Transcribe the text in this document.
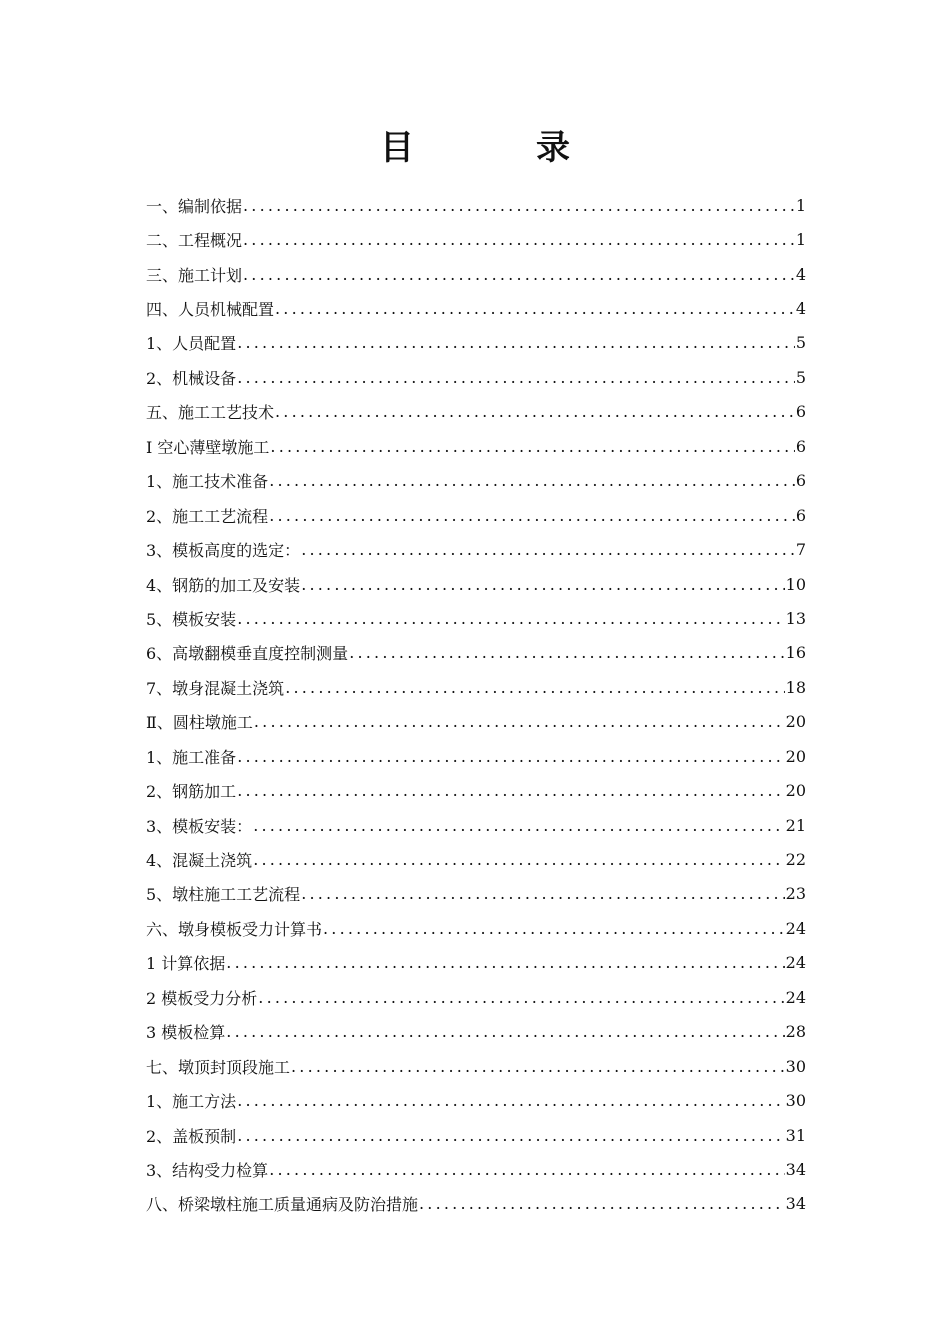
目　录
一、编制依据 .....	1
二、工程概况 .....	1
三、施工计划 .....	4
四、人员机械配置 .....	4
1、人员配置 .....	5
2、机械设备 .....	5
五、施工工艺技术 .....	6
Ⅰ 空心薄壁墩施工 .....	6
1、施工技术准备 .....	6
2、施工工艺流程 .....	6
3、模板高度的选定： .....	7
4、钢筋的加工及安装 .....	10
5、模板安装 .....	13
6、高墩翻模垂直度控制测量 .....	16
7、墩身混凝土浇筑 .....	18
Ⅱ、圆柱墩施工 .....	20
1、施工准备 .....	20
2、钢筋加工 .....	20
3、模板安装： .....	21
4、混凝土浇筑 .....	22
5、墩柱施工工艺流程 .....	23
六、墩身模板受力计算书 .....	24
1 计算依据 .....	24
2 模板受力分析 .....	24
3 模板检算 .....	28
七、墩顶封顶段施工 .....	30
1、施工方法 .....	30
2、盖板预制 .....	31
3、结构受力检算 .....	34
八、桥梁墩柱施工质量通病及防治措施 .....	34
